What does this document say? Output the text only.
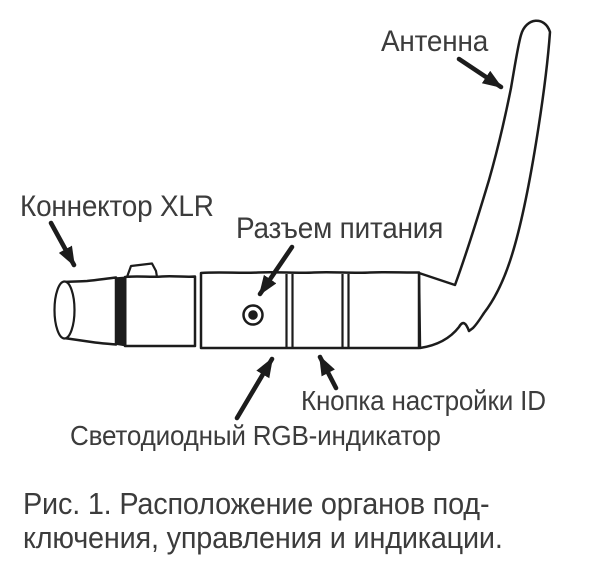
Антенна
Коннектор XLR
Разъем питания
Кнопка настройки ID
Светодиодный RGB-индикатор
Рис. 1. Расположение органов под-
ключения, управления и индикации.
